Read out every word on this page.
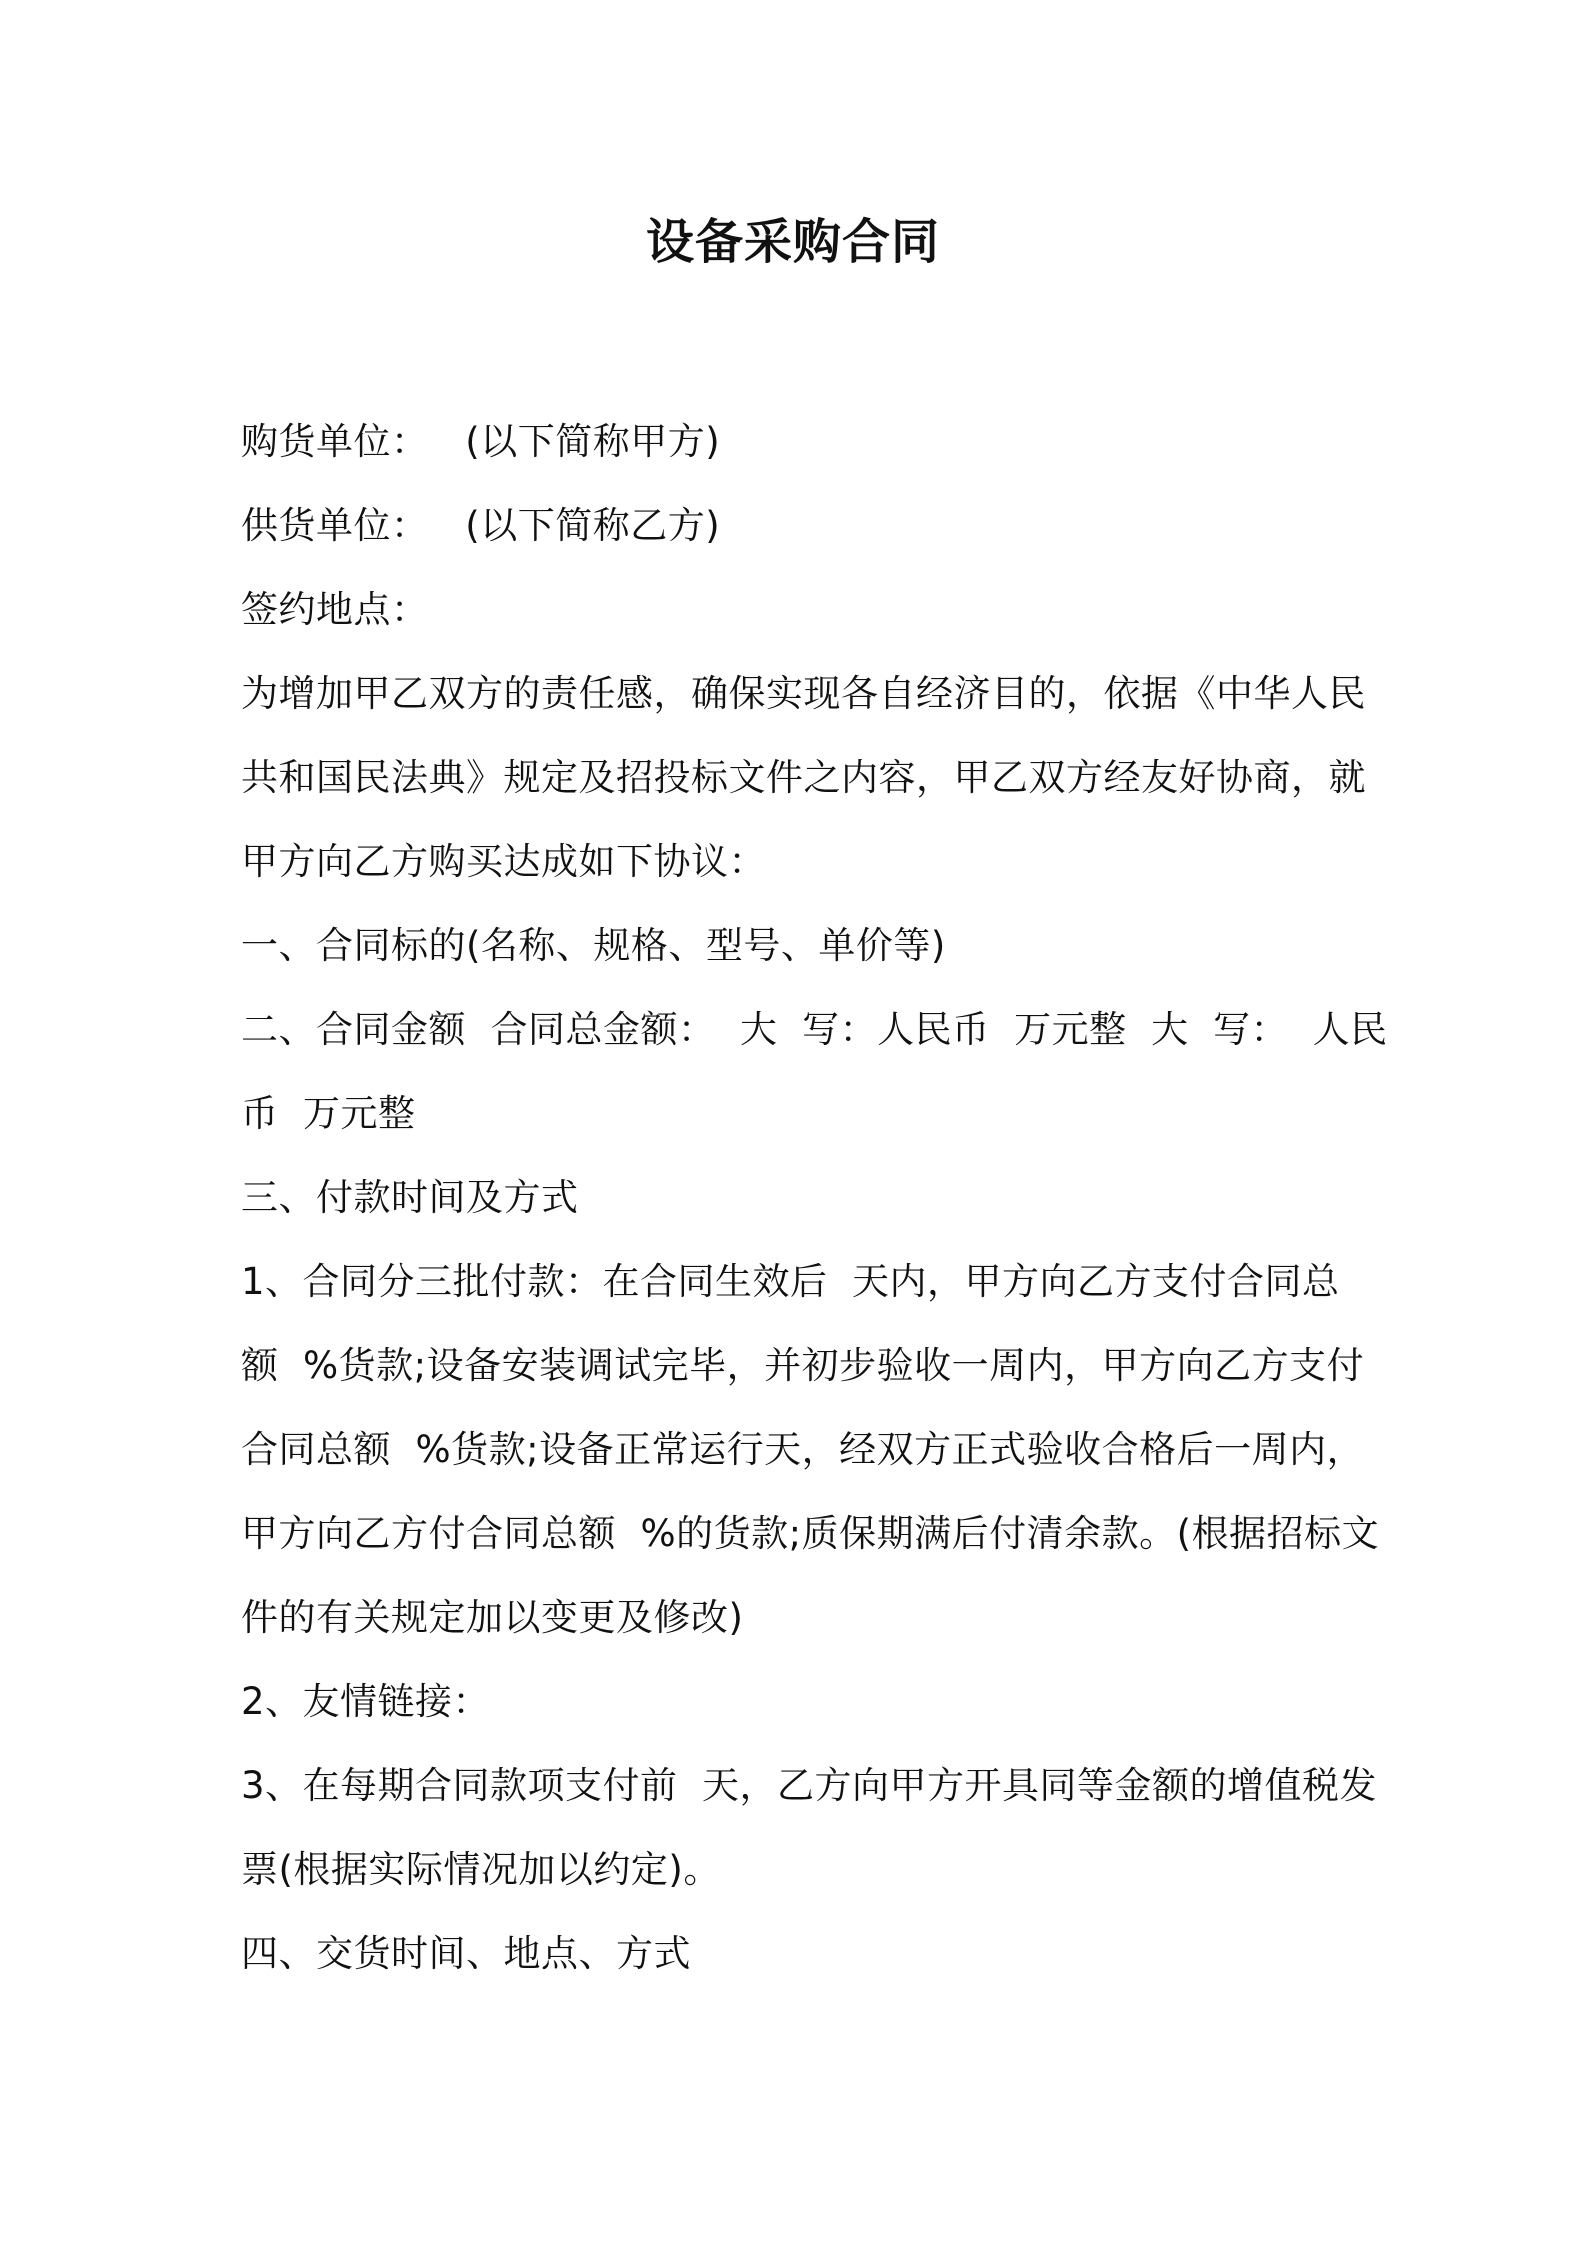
设备采购合同
购货单位：   (以下简称甲方)
供货单位：   (以下简称乙方)
签约地点：
为增加甲乙双方的责任感，确保实现各自经济目的，依据《中华人民
共和国民法典》规定及招投标文件之内容，甲乙双方经友好协商，就
甲方向乙方购买达成如下协议：
一、合同标的(名称、规格、型号、单价等)
二、合同金额  合同总金额：  大  写：人民币  万元整  大  写：  人民
币  万元整
三、付款时间及方式
1、合同分三批付款：在合同生效后  天内，甲方向乙方支付合同总
额  %货款;设备安装调试完毕，并初步验收一周内，甲方向乙方支付
合同总额  %货款;设备正常运行天，经双方正式验收合格后一周内，
甲方向乙方付合同总额  %的货款;质保期满后付清余款。(根据招标文
件的有关规定加以变更及修改)
2、友情链接：
3、在每期合同款项支付前  天，乙方向甲方开具同等金额的增值税发
票(根据实际情况加以约定)。
四、交货时间、地点、方式
